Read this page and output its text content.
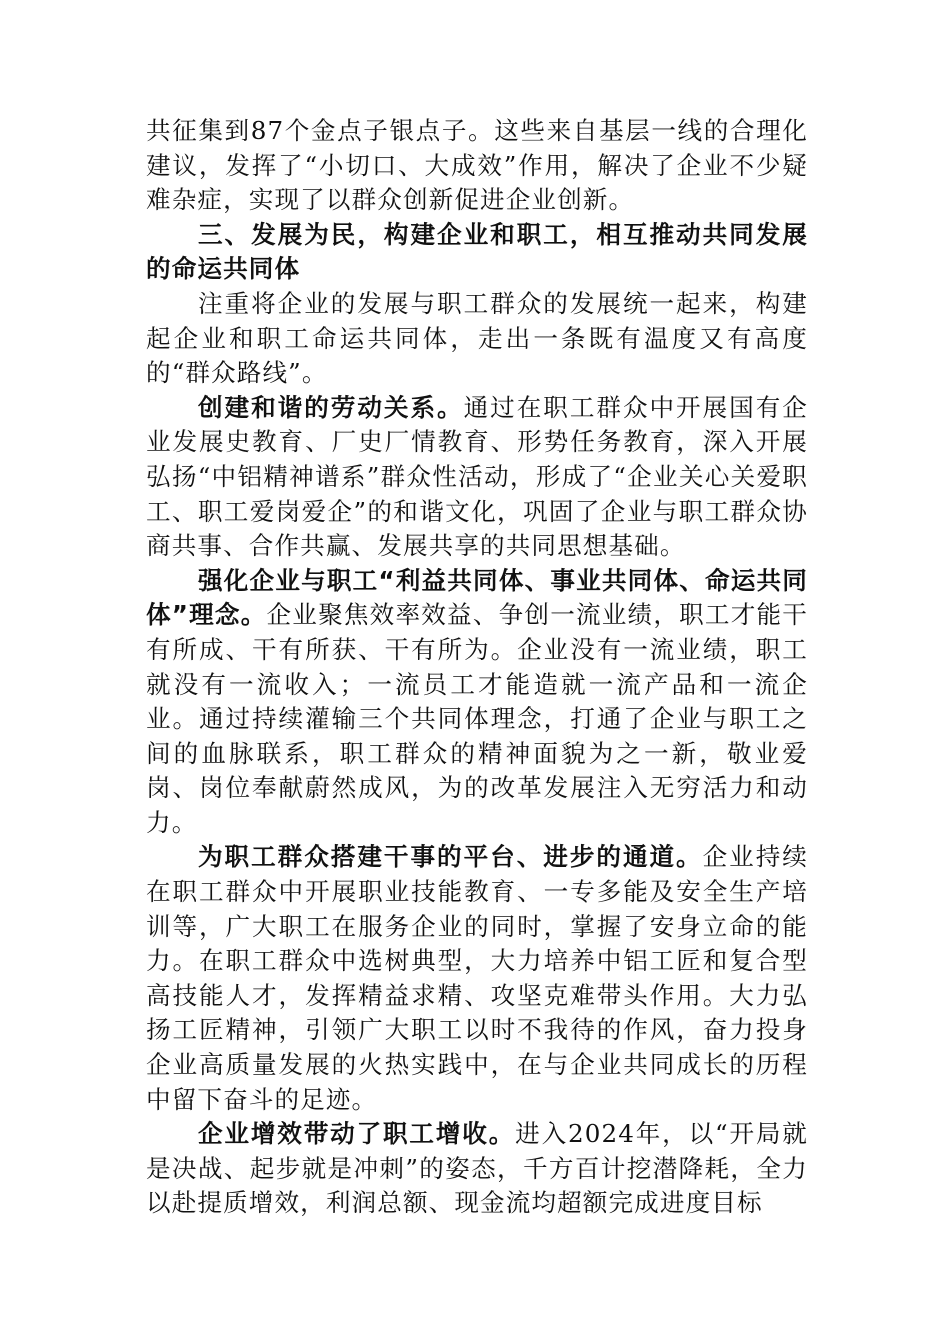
共征集到87个金点子银点子。这些来自基层一线的合理化建议，发挥了“小切口、大成效”作用，解决了企业不少疑难杂症，实现了以群众创新促进企业创新。

三、发展为民，构建企业和职工，相互推动共同发展的命运共同体

注重将企业的发展与职工群众的发展统一起来，构建起企业和职工命运共同体，走出一条既有温度又有高度的“群众路线”。

创建和谐的劳动关系。通过在职工群众中开展国有企业发展史教育、厂史厂情教育、形势任务教育，深入开展弘扬“中铝精神谱系”群众性活动，形成了“企业关心关爱职工、职工爱岗爱企”的和谐文化，巩固了企业与职工群众协商共事、合作共赢、发展共享的共同思想基础。

强化企业与职工“利益共同体、事业共同体、命运共同体”理念。企业聚焦效率效益、争创一流业绩，职工才能干有所成、干有所获、干有所为。企业没有一流业绩，职工就没有一流收入；一流员工才能造就一流产品和一流企业。通过持续灌输三个共同体理念，打通了企业与职工之间的血脉联系，职工群众的精神面貌为之一新，敬业爱岗、岗位奉献蔚然成风，为的改革发展注入无穷活力和动力。

为职工群众搭建干事的平台、进步的通道。企业持续在职工群众中开展职业技能教育、一专多能及安全生产培训等，广大职工在服务企业的同时，掌握了安身立命的能力。在职工群众中选树典型，大力培养中铝工匠和复合型高技能人才，发挥精益求精、攻坚克难带头作用。大力弘扬工匠精神，引领广大职工以时不我待的作风，奋力投身企业高质量发展的火热实践中，在与企业共同成长的历程中留下奋斗的足迹。

企业增效带动了职工增收。进入2024年，以“开局就是决战、起步就是冲刺”的姿态，千方百计挖潜降耗，全力以赴提质增效，利润总额、现金流均超额完成进度目标
